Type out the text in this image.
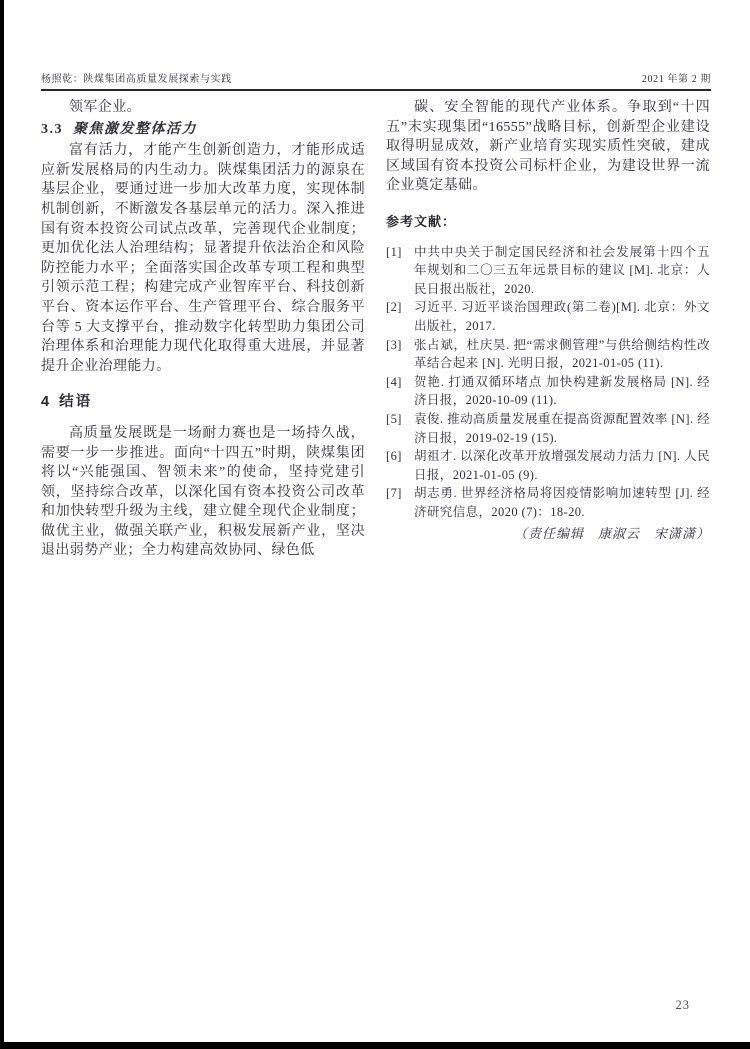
杨照乾：陕煤集团高质量发展探索与实践	2021 年第 2 期

领军企业。

3.3 聚焦激发整体活力

富有活力，才能产生创新创造力，才能形成适应新发展格局的内生动力。陕煤集团活力的源泉在基层企业，要通过进一步加大改革力度，实现体制机制创新，不断激发各基层单元的活力。深入推进国有资本投资公司试点改革，完善现代企业制度；更加优化法人治理结构；显著提升依法治企和风险防控能力水平；全面落实国企改革专项工程和典型引领示范工程；构建完成产业智库平台、科技创新平台、资本运作平台、生产管理平台、综合服务平台等 5 大支撑平台，推动数字化转型助力集团公司治理体系和治理能力现代化取得重大进展，并显著提升企业治理能力。

4 结语

高质量发展既是一场耐力赛也是一场持久战，需要一步一步推进。面向“十四五”时期，陕煤集团将以“兴能强国、智领未来”的使命，坚持党建引领，坚持综合改革，以深化国有资本投资公司改革和加快转型升级为主线，建立健全现代企业制度；做优主业，做强关联产业，积极发展新产业，坚决退出弱势产业；全力构建高效协同、绿色低

碳、安全智能的现代产业体系。争取到“十四五”末实现集团“16555”战略目标，创新型企业建设取得明显成效，新产业培育实现实质性突破，建成区域国有资本投资公司标杆企业，为建设世界一流企业奠定基础。

参考文献：
[1] 中共中央关于制定国民经济和社会发展第十四个五年规划和二〇三五年远景目标的建议 [M]. 北京：人民日报出版社，2020.
[2] 习近平. 习近平谈治国理政(第二卷)[M]. 北京：外文出版社，2017.
[3] 张占斌，杜庆昊. 把“需求侧管理”与供给侧结构性改革结合起来 [N]. 光明日报，2021-01-05 (11).
[4] 贺艳. 打通双循环堵点 加快构建新发展格局 [N]. 经济日报，2020-10-09 (11).
[5] 袁俊. 推动高质量发展重在提高资源配置效率 [N]. 经济日报，2019-02-19 (15).
[6] 胡祖才. 以深化改革开放增强发展动力活力 [N]. 人民日报，2021-01-05 (9).
[7] 胡志勇. 世界经济格局将因疫情影响加速转型 [J]. 经济研究信息，2020 (7)：18-20.
（责任编辑　康淑云　宋潇潇）
23
